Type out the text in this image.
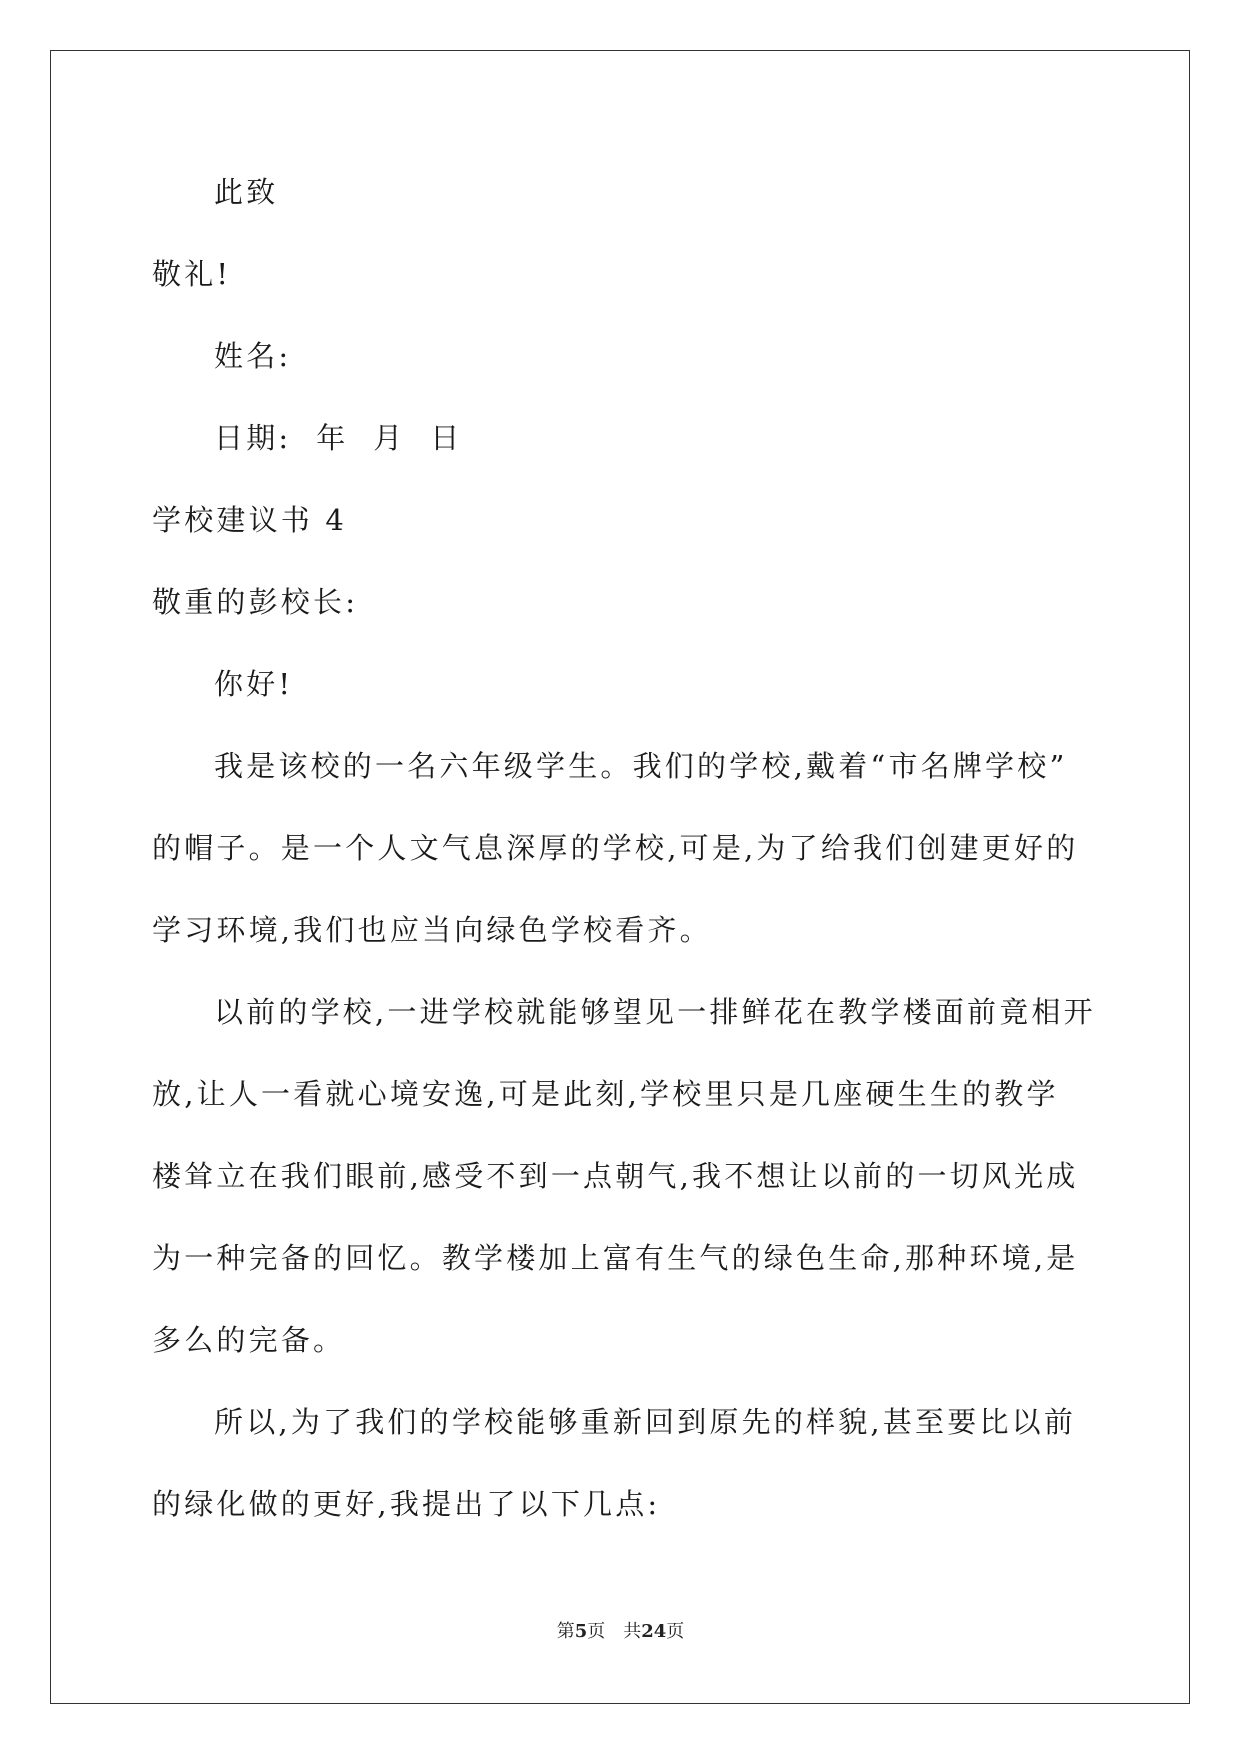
此致
敬礼!
姓名:
日期:  年  月  日
学校建议书 4
敬重的彭校长:
你好!
我是该校的一名六年级学生。我们的学校,戴着“市名牌学校”
的帽子。是一个人文气息深厚的学校,可是,为了给我们创建更好的
学习环境,我们也应当向绿色学校看齐。
以前的学校,一进学校就能够望见一排鲜花在教学楼面前竟相开
放,让人一看就心境安逸,可是此刻,学校里只是几座硬生生的教学
楼耸立在我们眼前,感受不到一点朝气,我不想让以前的一切风光成
为一种完备的回忆。教学楼加上富有生气的绿色生命,那种环境,是
多么的完备。
所以,为了我们的学校能够重新回到原先的样貌,甚至要比以前
的绿化做的更好,我提出了以下几点:
第5页 共24页
